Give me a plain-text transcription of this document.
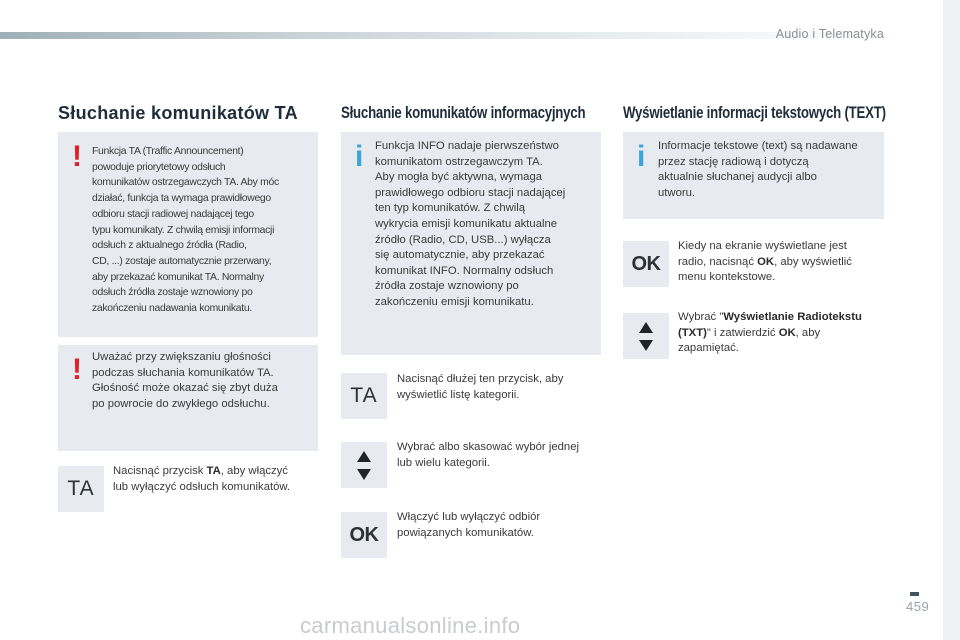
Audio i Telematyka
Słuchanie komunikatów TA	Słuchanie komunikatów informacyjnych Wyświetlanie informacji tekstowych (TEXT)
! Funkcja TA (Traffic Announcement)
powoduje priorytetowy odsłuch
komunikatów ostrzegawczych TA. Aby móc
działać, funkcja ta wymaga prawidłowego
odbioru stacji radiowej nadającej tego
typu komunikaty. Z chwilą emisji informacji
odsłuch z aktualnego źródła (Radio,
CD, ...) zostaje automatycznie przerwany,
aby przekazać komunikat TA. Normalny
odsłuch źródła zostaje wznowiony po
zakończeniu nadawania komunikatu.

! Uważać przy zwiększaniu głośności
podczas słuchania komunikatów TA.
Głośność może okazać się zbyt duża
po powrocie do zwykłego odsłuchu.

TA
Nacisnąć przycisk TA, aby włączyć
lub wyłączyć odsłuch komunikatów.
i Funkcja INFO nadaje pierwszeństwo
komunikatom ostrzegawczym TA.
Aby mogła być aktywna, wymaga
prawidłowego odbioru stacji nadającej
ten typ komunikatów. Z chwilą
wykrycia emisji komunikatu aktualne
źródło (Radio, CD, USB...) wyłącza
się automatycznie, aby przekazać
komunikat INFO. Normalny odsłuch
źródła zostaje wznowiony po
zakończeniu emisji komunikatu.

TA
Nacisnąć dłużej ten przycisk, aby
wyświetlić listę kategorii.
Wybrać albo skasować wybór jednej
lub wielu kategorii.
OK
Włączyć lub wyłączyć odbiór
powiązanych komunikatów.
i Informacje tekstowe (text) są nadawane
przez stację radiową i dotyczą
aktualnie słuchanej audycji albo
utworu.

OK
Kiedy na ekranie wyświetlane jest
radio, nacisnąć OK, aby wyświetlić
menu kontekstowe.
Wybrać "Wyświetlanie Radiotekstu
(TXT)" i zatwierdzić OK, aby
zapamiętać.
459
carmanualsonline.info
